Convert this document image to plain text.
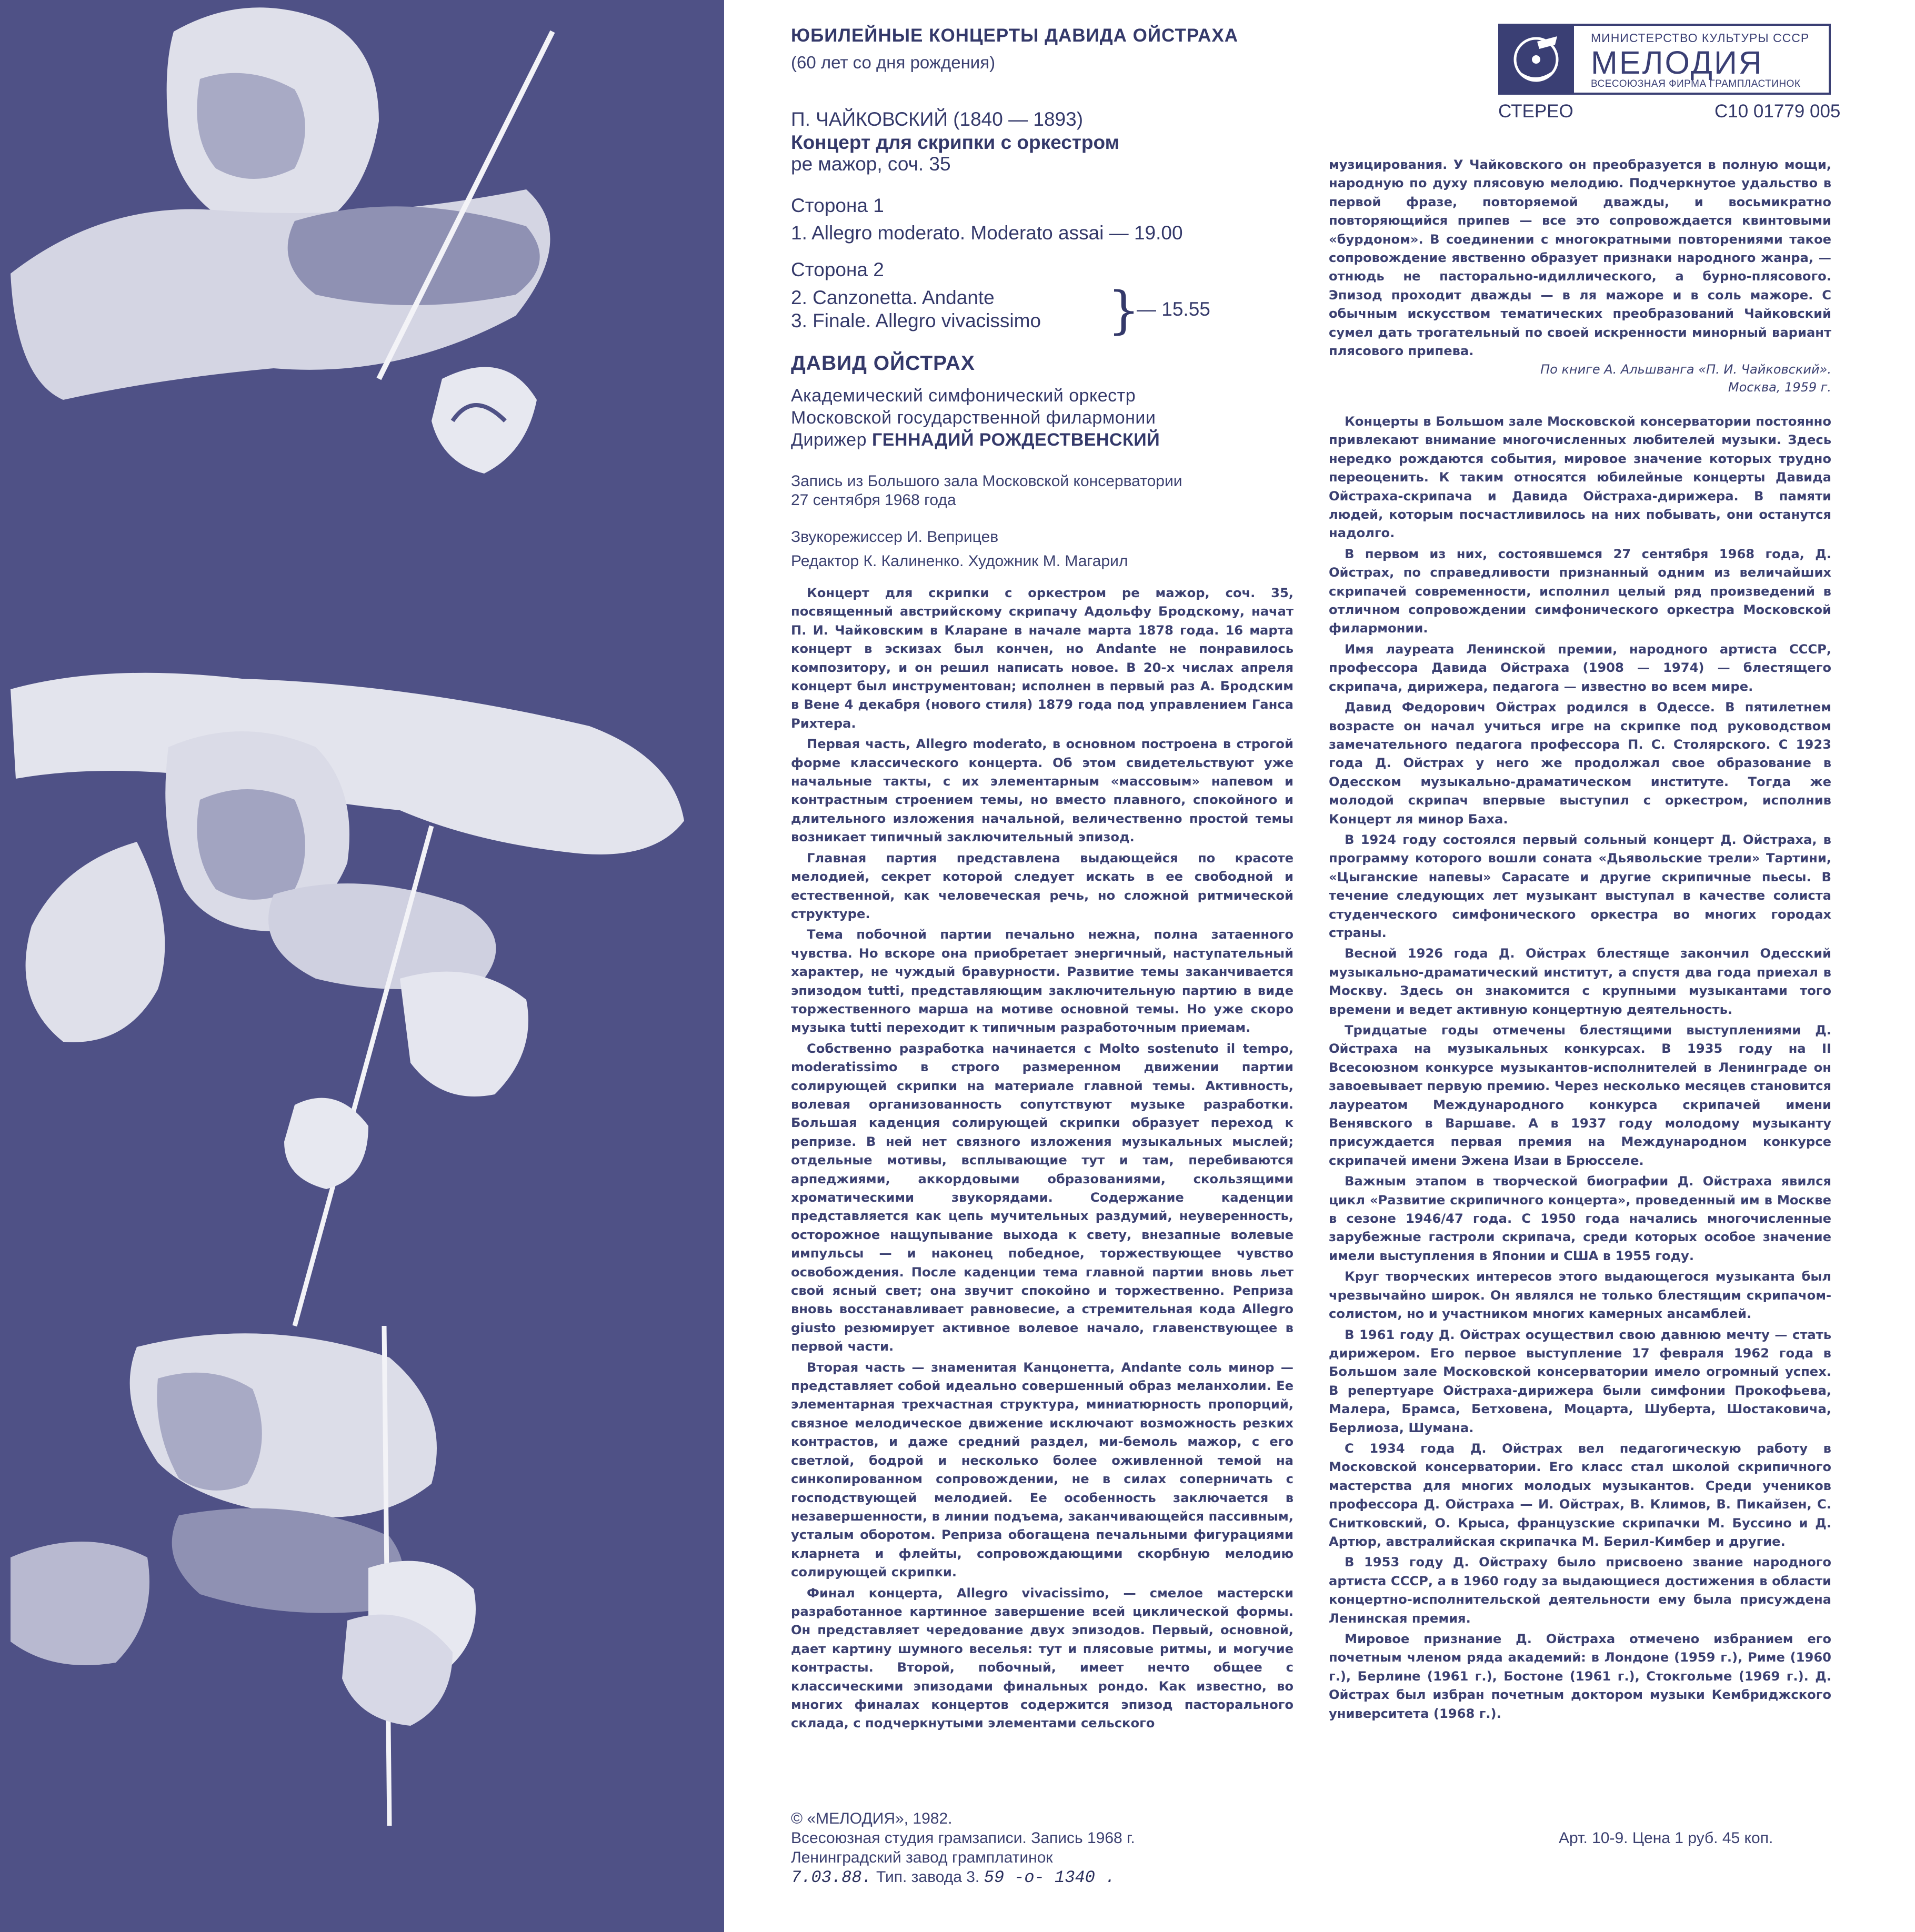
ЮБИЛЕЙНЫЕ КОНЦЕРТЫ ДАВИДА ОЙСТРАХА
(60 лет со дня рождения)
МИНИСТЕРСТВО КУЛЬТУРЫ СССР
МЕЛОДИЯ
ВСЕСОЮЗНАЯ ФИРМА ГРАМПЛАСТИНОК
СТЕРЕО	С10 01779 005
П. ЧАЙКОВСКИЙ (1840 — 1893)
Концерт для скрипки с оркестром
ре мажор, соч. 35
Сторона 1
1. Allegro moderato. Moderato assai — 19.00
Сторона 2
2. Canzonetta. Andante
3. Finale. Allegro vivacissimo }
— 15.55
ДАВИД ОЙСТРАХ
Академический симфонический оркестр
Московской государственной филармонии
Дирижер ГЕННАДИЙ РОЖДЕСТВЕНСКИЙ
Запись из Большого зала Московской консерватории
27 сентября 1968 года
Звукорежиссер И. Веприцев
Редактор К. Калиненко. Художник М. Магарил

Концерт для скрипки с оркестром ре мажор, соч. 35, посвященный австрийскому скрипачу Адольфу Бродскому, начат П. И. Чайковским в Кларане в начале марта 1878 года. 16 марта концерт в эскизах был кончен, но Andante не понравилось композитору, и он решил написать новое. В 20-х числах апреля концерт был инструментован; исполнен в первый раз А. Бродским в Вене 4 декабря (нового стиля) 1879 года под управлением Ганса Рихтера.

Первая часть, Allegro moderato, в основном построена в строгой форме классического концерта. Об этом свидетельствуют уже начальные такты, с их элементарным «массовым» напевом и контрастным строением темы, но вместо плавного, спокойного и длительного изложения начальной, величественно простой темы возникает типичный заключительный эпизод.

Главная партия представлена выдающейся по красоте мелодией, секрет которой следует искать в ее свободной и естественной, как человеческая речь, но сложной ритмической структуре.

Тема побочной партии печально нежна, полна затаенного чувства. Но вскоре она приобретает энергичный, наступательный характер, не чуждый бравурности. Развитие темы заканчивается эпизодом tutti, представляющим заключительную партию в виде торжественного марша на мотиве основной темы. Но уже скоро музыка tutti переходит к типичным разработочным приемам.

Собственно разработка начинается с Molto sostenuto il tempo, moderatissimo в строго размеренном движении партии солирующей скрипки на материале главной темы. Активность, волевая организованность сопутствуют музыке разработки. Большая каденция солирующей скрипки образует переход к репризе. В ней нет связного изложения музыкальных мыслей; отдельные мотивы, всплывающие тут и там, перебиваются арпеджиями, аккордовыми образованиями, скользящими хроматическими звукорядами. Содержание каденции представляется как цепь мучительных раздумий, неуверенность, осторожное нащупывание выхода к свету, внезапные волевые импульсы — и наконец победное, торжествующее чувство освобождения. После каденции тема главной партии вновь льет свой ясный свет; она звучит спокойно и торжественно. Реприза вновь восстанавливает равновесие, а стремительная кода Allegro giusto резюмирует активное волевое начало, главенствующее в первой части.

Вторая часть — знаменитая Канцонетта, Andante соль минор — представляет собой идеально совершенный образ меланхолии. Ее элементарная трехчастная структура, миниатюрность пропорций, связное мелодическое движение исключают возможность резких контрастов, и даже средний раздел, ми-бемоль мажор, с его светлой, бодрой и несколько более оживленной темой на синкопированном сопровождении, не в силах соперничать с господствующей мелодией. Ее особенность заключается в незавершенности, в линии подъема, заканчивающейся пассивным, усталым оборотом. Реприза обогащена печальными фигурациями кларнета и флейты, сопровождающими скорбную мелодию солирующей скрипки.

Финал концерта, Allegro vivacissimo, — смелое мастерски разработанное картинное завершение всей циклической формы. Он представляет чередование двух эпизодов. Первый, основной, дает картину шумного веселья: тут и плясовые ритмы, и могучие контрасты. Второй, побочный, имеет нечто общее с классическими эпизодами финальных рондо. Как известно, во многих финалах концертов содержится эпизод пасторального склада, с подчеркнутыми элементами сельского

музицирования. У Чайковского он преобразуется в полную мощи, народную по духу плясовую мелодию. Подчеркнутое удальство в первой фразе, повторяемой дважды, и восьмикратно повторяющийся припев — все это сопровождается квинтовыми «бурдоном». В соединении с многократными повторениями такое сопровождение явственно образует признаки народного жанра, — отнюдь не пасторально-идиллического, а бурно-плясового. Эпизод проходит дважды — в ля мажоре и в соль мажоре. С обычным искусством тематических преобразований Чайковский сумел дать трогательный по своей искренности минорный вариант плясового припева.

По книге А. Альшванга «П. И. Чайковский».
Москва, 1959 г.

Концерты в Большом зале Московской консерватории постоянно привлекают внимание многочисленных любителей музыки. Здесь нередко рождаются события, мировое значение которых трудно переоценить. К таким относятся юбилейные концерты Давида Ойстраха-скрипача и Давида Ойстраха-дирижера. В памяти людей, которым посчастливилось на них побывать, они останутся надолго.

В первом из них, состоявшемся 27 сентября 1968 года, Д. Ойстрах, по справедливости признанный одним из величайших скрипачей современности, исполнил целый ряд произведений в отличном сопровождении симфонического оркестра Московской филармонии.

Имя лауреата Ленинской премии, народного артиста СССР, профессора Давида Ойстраха (1908 — 1974) — блестящего скрипача, дирижера, педагога — известно во всем мире.

Давид Федорович Ойстрах родился в Одессе. В пятилетнем возрасте он начал учиться игре на скрипке под руководством замечательного педагога профессора П. С. Столярского. С 1923 года Д. Ойстрах у него же продолжал свое образование в Одесском музыкально-драматическом институте. Тогда же молодой скрипач впервые выступил с оркестром, исполнив Концерт ля минор Баха.

В 1924 году состоялся первый сольный концерт Д. Ойстраха, в программу которого вошли соната «Дьявольские трели» Тартини, «Цыганские напевы» Сарасате и другие скрипичные пьесы. В течение следующих лет музыкант выступал в качестве солиста студенческого симфонического оркестра во многих городах страны.

Весной 1926 года Д. Ойстрах блестяще закончил Одесский музыкально-драматический институт, а спустя два года приехал в Москву. Здесь он знакомится с крупными музыкантами того времени и ведет активную концертную деятельность.

Тридцатые годы отмечены блестящими выступлениями Д. Ойстраха на музыкальных конкурсах. В 1935 году на II Всесоюзном конкурсе музыкантов-исполнителей в Ленинграде он завоевывает первую премию. Через несколько месяцев становится лауреатом Международного конкурса скрипачей имени Венявского в Варшаве. А в 1937 году молодому музыканту присуждается первая премия на Международном конкурсе скрипачей имени Эжена Изаи в Брюсселе.

Важным этапом в творческой биографии Д. Ойстраха явился цикл «Развитие скрипичного концерта», проведенный им в Москве в сезоне 1946/47 года. С 1950 года начались многочисленные зарубежные гастроли скрипача, среди которых особое значение имели выступления в Японии и США в 1955 году.

Круг творческих интересов этого выдающегося музыканта был чрезвычайно широк. Он являлся не только блестящим скрипачом-солистом, но и участником многих камерных ансамблей.

В 1961 году Д. Ойстрах осуществил свою давнюю мечту — стать дирижером. Его первое выступление 17 февраля 1962 года в Большом зале Московской консерватории имело огромный успех. В репертуаре Ойстраха-дирижера были симфонии Прокофьева, Малера, Брамса, Бетховена, Моцарта, Шуберта, Шостаковича, Берлиоза, Шумана.

С 1934 года Д. Ойстрах вел педагогическую работу в Московской консерватории. Его класс стал школой скрипичного мастерства для многих молодых музыкантов. Среди учеников профессора Д. Ойстраха — И. Ойстрах, В. Климов, В. Пикайзен, С. Снитковский, О. Крыса, французские скрипачки М. Буссино и Д. Артюр, австралийская скрипачка М. Берил-Кимбер и другие.

В 1953 году Д. Ойстраху было присвоено звание народного артиста СССР, а в 1960 году за выдающиеся достижения в области концертно-исполнительской деятельности ему была присуждена Ленинская премия.

Мировое признание Д. Ойстраха отмечено избранием его почетным членом ряда академий: в Лондоне (1959 г.), Риме (1960 г.), Берлине (1961 г.), Бостоне (1961 г.), Стокгольме (1969 г.). Д. Ойстрах был избран почетным доктором музыки Кембриджского университета (1968 г.).

© «МЕЛОДИЯ», 1982.
Всесоюзная студия грамзаписи. Запись 1968 г.
Ленинградский завод грамплатинок
7.03.88. Тип. завода 3. 59 -о- 1340 .
Арт. 10-9. Цена 1 руб. 45 коп.
